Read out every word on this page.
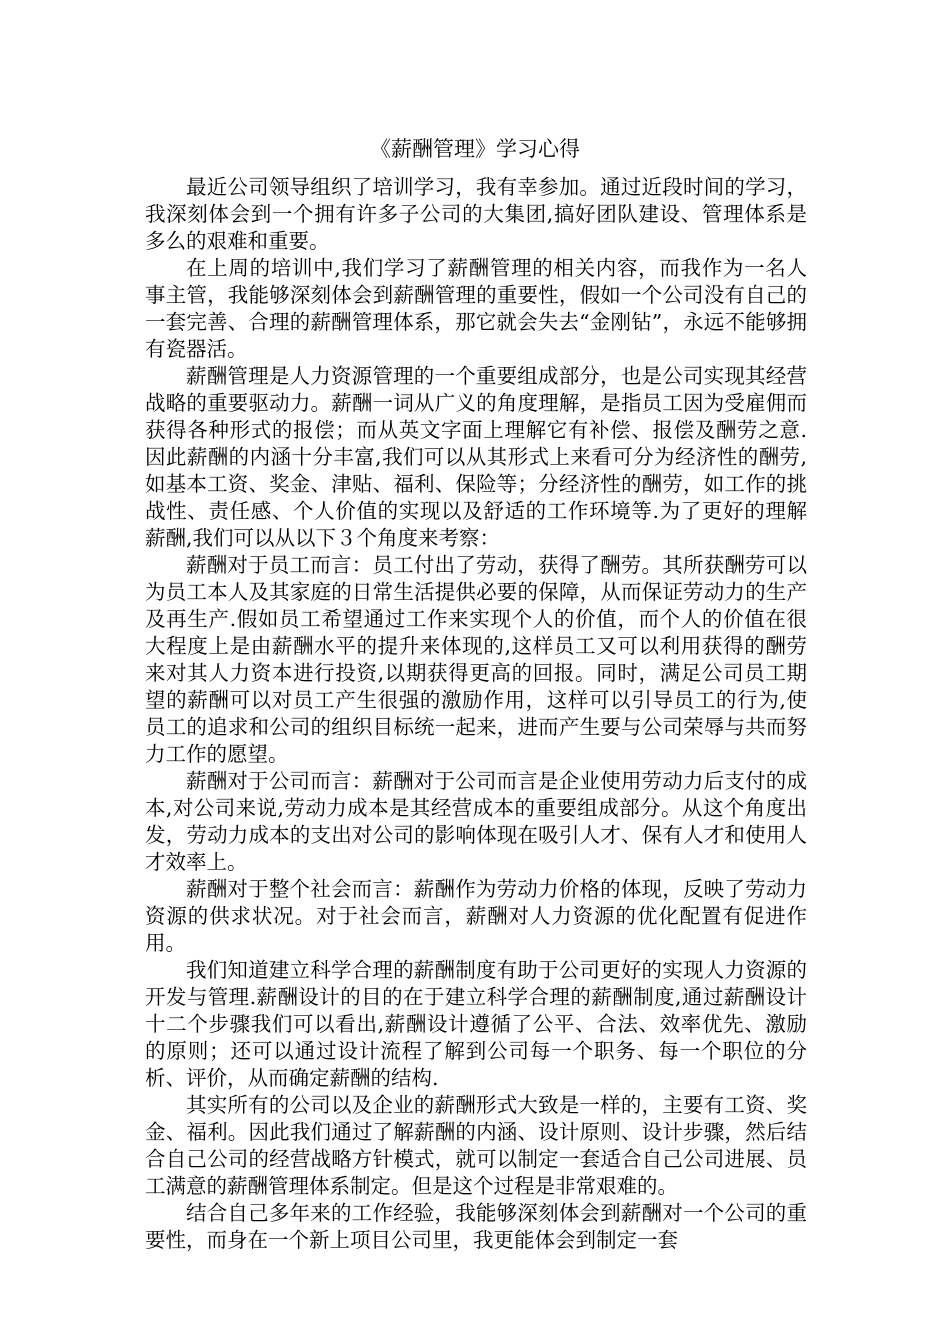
《薪酬管理》学习心得

最近公司领导组织了培训学习，我有幸参加。通过近段时间的学习，我深刻体会到一个拥有许多子公司的大集团,搞好团队建设、管理体系是多么的艰难和重要。

在上周的培训中,我们学习了薪酬管理的相关内容，而我作为一名人事主管，我能够深刻体会到薪酬管理的重要性，假如一个公司没有自己的一套完善、合理的薪酬管理体系，那它就会失去“金刚钻”，永远不能够拥有瓷器活。

薪酬管理是人力资源管理的一个重要组成部分，也是公司实现其经营战略的重要驱动力。薪酬一词从广义的角度理解，是指员工因为受雇佣而获得各种形式的报偿；而从英文字面上理解它有补偿、报偿及酬劳之意.因此薪酬的内涵十分丰富,我们可以从其形式上来看可分为经济性的酬劳,如基本工资、奖金、津贴、福利、保险等；分经济性的酬劳，如工作的挑战性、责任感、个人价值的实现以及舒适的工作环境等.为了更好的理解薪酬,我们可以从以下３个角度来考察：

薪酬对于员工而言：员工付出了劳动，获得了酬劳。其所获酬劳可以为员工本人及其家庭的日常生活提供必要的保障，从而保证劳动力的生产及再生产.假如员工希望通过工作来实现个人的价值，而个人的价值在很大程度上是由薪酬水平的提升来体现的,这样员工又可以利用获得的酬劳来对其人力资本进行投资,以期获得更高的回报。同时，满足公司员工期望的薪酬可以对员工产生很强的激励作用，这样可以引导员工的行为,使员工的追求和公司的组织目标统一起来，进而产生要与公司荣辱与共而努力工作的愿望。

薪酬对于公司而言：薪酬对于公司而言是企业使用劳动力后支付的成本,对公司来说,劳动力成本是其经营成本的重要组成部分。从这个角度出发，劳动力成本的支出对公司的影响体现在吸引人才、保有人才和使用人才效率上。

薪酬对于整个社会而言：薪酬作为劳动力价格的体现，反映了劳动力资源的供求状况。对于社会而言，薪酬对人力资源的优化配置有促进作用。

我们知道建立科学合理的薪酬制度有助于公司更好的实现人力资源的开发与管理.薪酬设计的目的在于建立科学合理的薪酬制度,通过薪酬设计十二个步骤我们可以看出,薪酬设计遵循了公平、合法、效率优先、激励的原则；还可以通过设计流程了解到公司每一个职务、每一个职位的分析、评价，从而确定薪酬的结构.

其实所有的公司以及企业的薪酬形式大致是一样的，主要有工资、奖金、福利。因此我们通过了解薪酬的内涵、设计原则、设计步骤，然后结合自己公司的经营战略方针模式，就可以制定一套适合自己公司进展、员工满意的薪酬管理体系制定。但是这个过程是非常艰难的。

结合自己多年来的工作经验，我能够深刻体会到薪酬对一个公司的重要性，而身在一个新上项目公司里，我更能体会到制定一套
